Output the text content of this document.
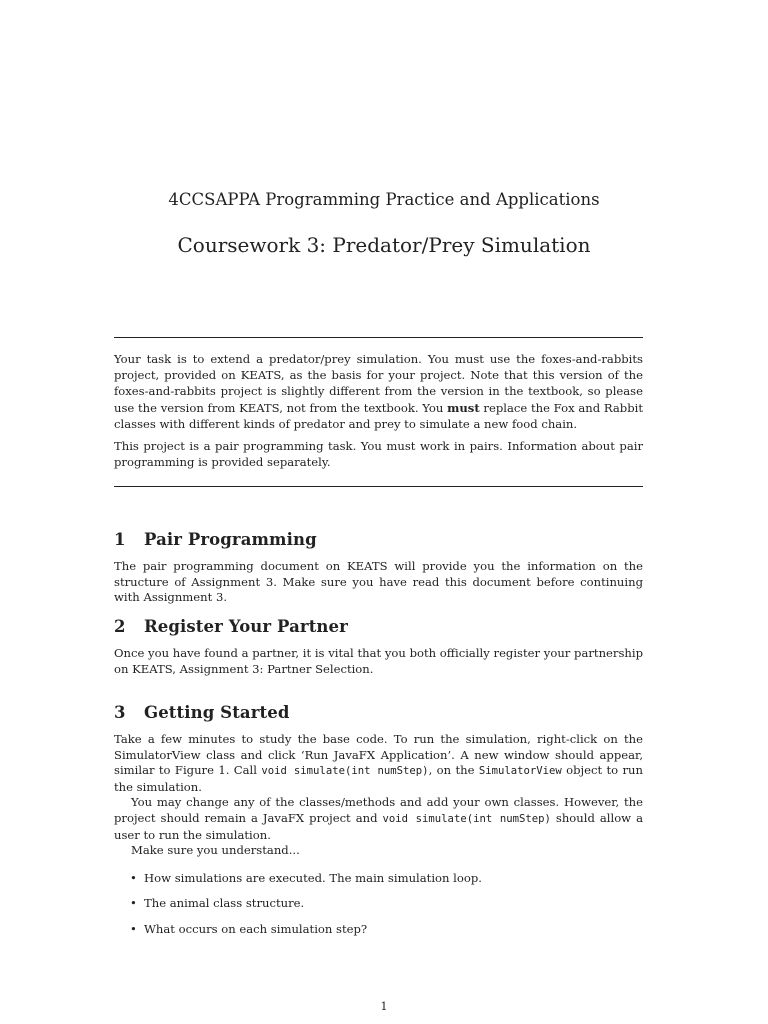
4CCSAPPA Programming Practice and Applications
Coursework 3: Predator/Prey Simulation

Your task is to extend a predator/prey simulation. You must use the foxes-and-rabbits project, provided on KEATS, as the basis for your project. Note that this version of the foxes-and-rabbits project is slightly different from the version in the textbook, so please use the version from KEATS, not from the textbook. You must replace the Fox and Rabbit classes with different kinds of predator and prey to simulate a new food chain.

This project is a pair programming task. You must work in pairs. Information about pair programming is provided separately.

1 Pair Programming

The pair programming document on KEATS will provide you the information on the structure of Assignment 3. Make sure you have read this document before continuing with Assignment 3.

2 Register Your Partner

Once you have found a partner, it is vital that you both officially register your partnership on KEATS, Assignment 3: Partner Selection.

3 Getting Started

Take a few minutes to study the base code. To run the simulation, right-click on the SimulatorView class and click ‘Run JavaFX Application’. A new window should appear, similar to Figure 1. Call void simulate(int numStep), on the SimulatorView object to run the simulation.

You may change any of the classes/methods and add your own classes. However, the project should remain a JavaFX project and void simulate(int numStep) should allow a user to run the simulation.

Make sure you understand...

• How simulations are executed. The main simulation loop.
• The animal class structure.
• What occurs on each simulation step?
1
